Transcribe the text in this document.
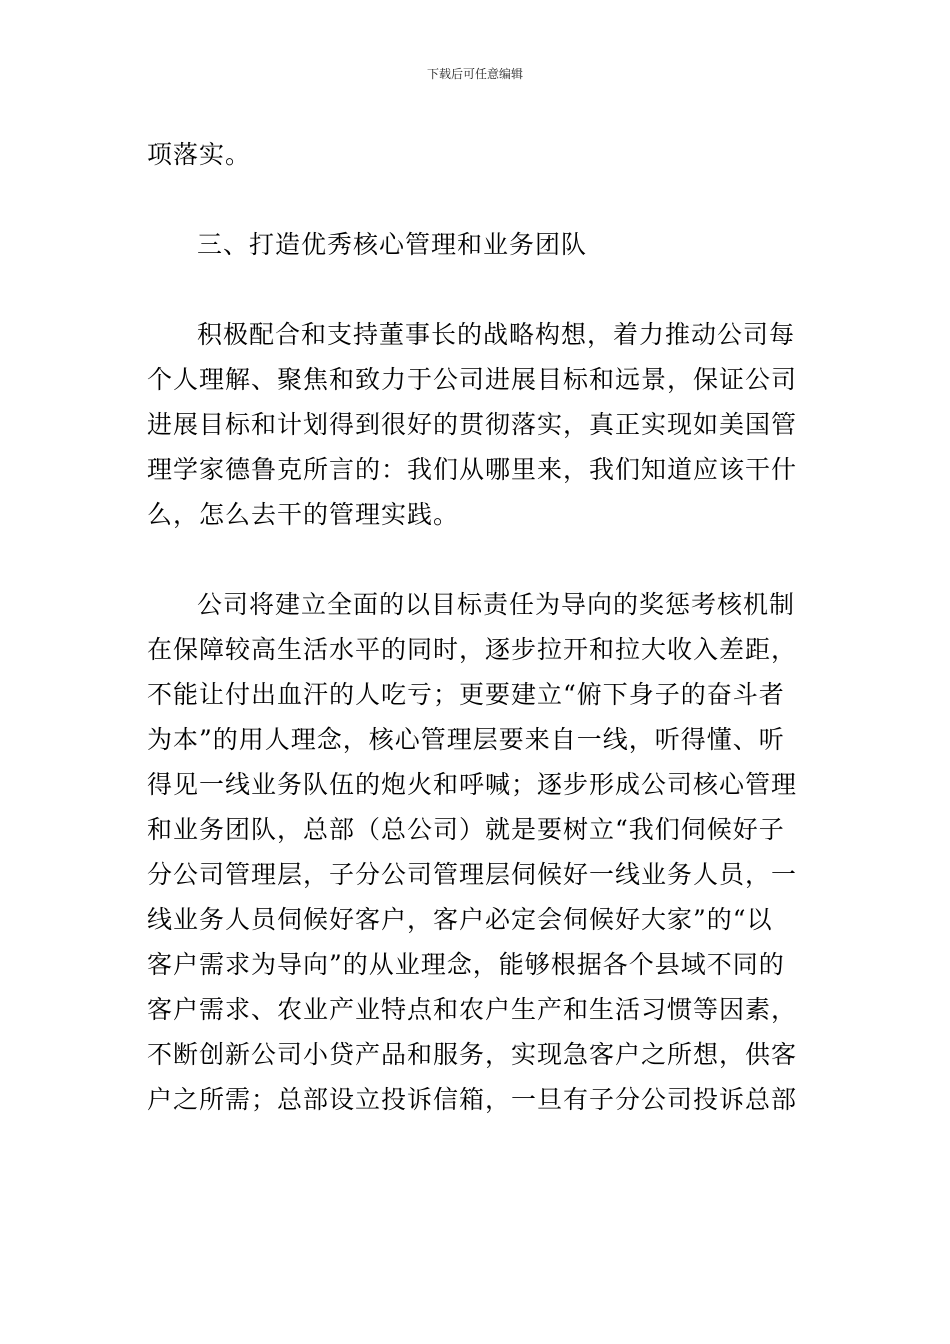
下载后可任意编辑
项落实。
三、打造优秀核心管理和业务团队
积极配合和支持董事长的战略构想，着力推动公司每
个人理解、聚焦和致力于公司进展目标和远景，保证公司
进展目标和计划得到很好的贯彻落实，真正实现如美国管
理学家德鲁克所言的：我们从哪里来，我们知道应该干什
么，怎么去干的管理实践。
公司将建立全面的以目标责任为导向的奖惩考核机制
在保障较高生活水平的同时，逐步拉开和拉大收入差距，
不能让付出血汗的人吃亏；更要建立“俯下身子的奋斗者
为本”的用人理念，核心管理层要来自一线，听得懂、听
得见一线业务队伍的炮火和呼喊；逐步形成公司核心管理
和业务团队，总部（总公司）就是要树立“我们伺候好子
分公司管理层，子分公司管理层伺候好一线业务人员，一
线业务人员伺候好客户，客户必定会伺候好大家”的“以
客户需求为导向”的从业理念，能够根据各个县域不同的
客户需求、农业产业特点和农户生产和生活习惯等因素，
不断创新公司小贷产品和服务，实现急客户之所想，供客
户之所需；总部设立投诉信箱，一旦有子分公司投诉总部
